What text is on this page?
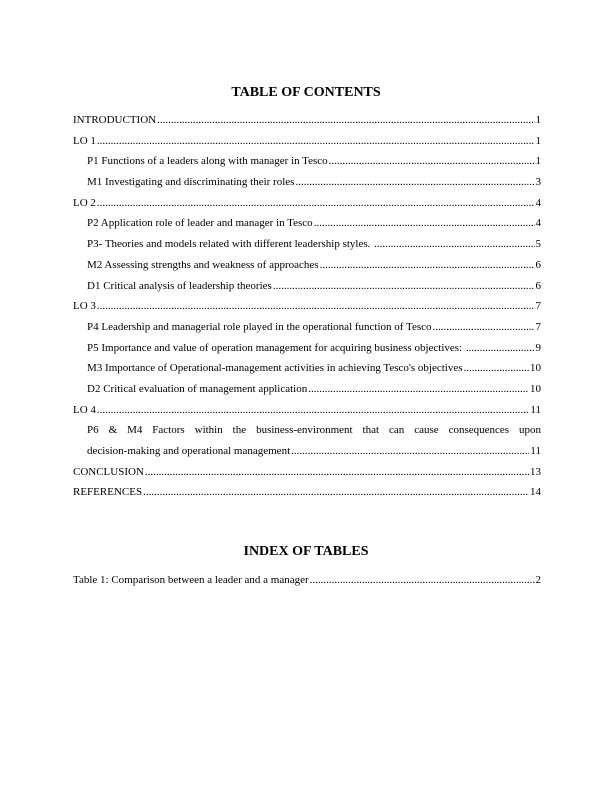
TABLE OF CONTENTS
INTRODUCTION .....	1
LO 1 .....	1
P1 Functions of a leaders along with manager in Tesco .....	1
M1 Investigating and discriminating their roles .....	3
LO 2 .....	4
P2 Application role of leader and manager in Tesco .....	4
P3- Theories and models related with different leadership styles. .....	5
M2 Assessing strengths and weakness of approaches .....	6
D1 Critical analysis of leadership theories .....	6
LO 3 .....	7
P4 Leadership and managerial role played in the operational function of Tesco .....	7
P5 Importance and value of operation management for acquiring business objectives: .....	9
M3 Importance of Operational-management activities in achieving Tesco's objectives .....	10
D2 Critical evaluation of management application .....	10
LO 4 .....	11
P6 & M4 Factors within the business-environment that can cause consequences upon
decision-making and operational management .....	11
CONCLUSION .....	13
REFERENCES .....	14
INDEX OF TABLES
Table 1: Comparison between a leader and a manager .....	2
